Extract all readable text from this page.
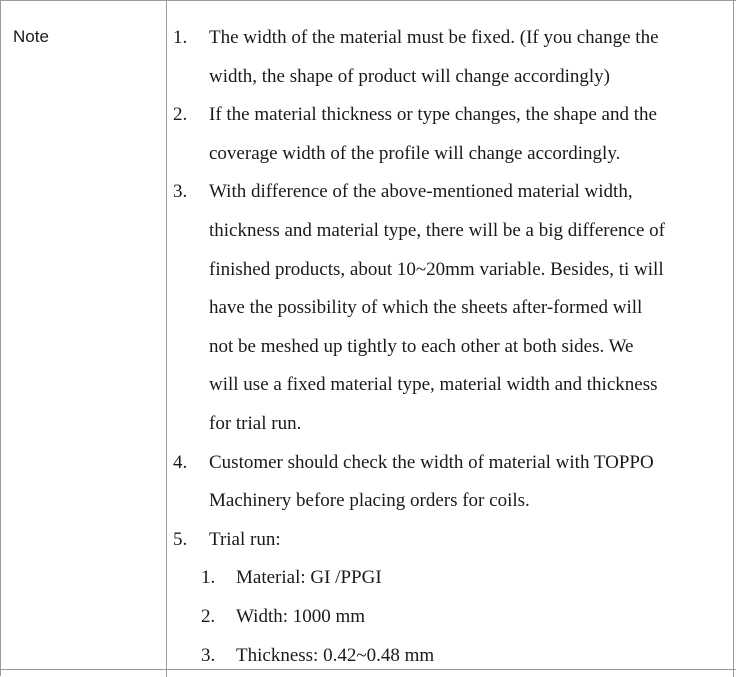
Note	1.	The width of the material must be fixed. (If you change the
width, the shape of product will change accordingly)
2.	If the material thickness or type changes, the shape and the
coverage width of the profile will change accordingly.
3.	With difference of the above-mentioned material width,
thickness and material type, there will be a big difference of
finished products, about 10~20mm variable. Besides, ti will
have the possibility of which the sheets after-formed will
not be meshed up tightly to each other at both sides. We
will use a fixed material type, material width and thickness
for trial run.
4.	Customer should check the width of material with TOPPO
Machinery before placing orders for coils.
5.	Trial run:
1. Material: GI /PPGI
2. Width: 1000 mm
3. Thickness: 0.42~0.48 mm
